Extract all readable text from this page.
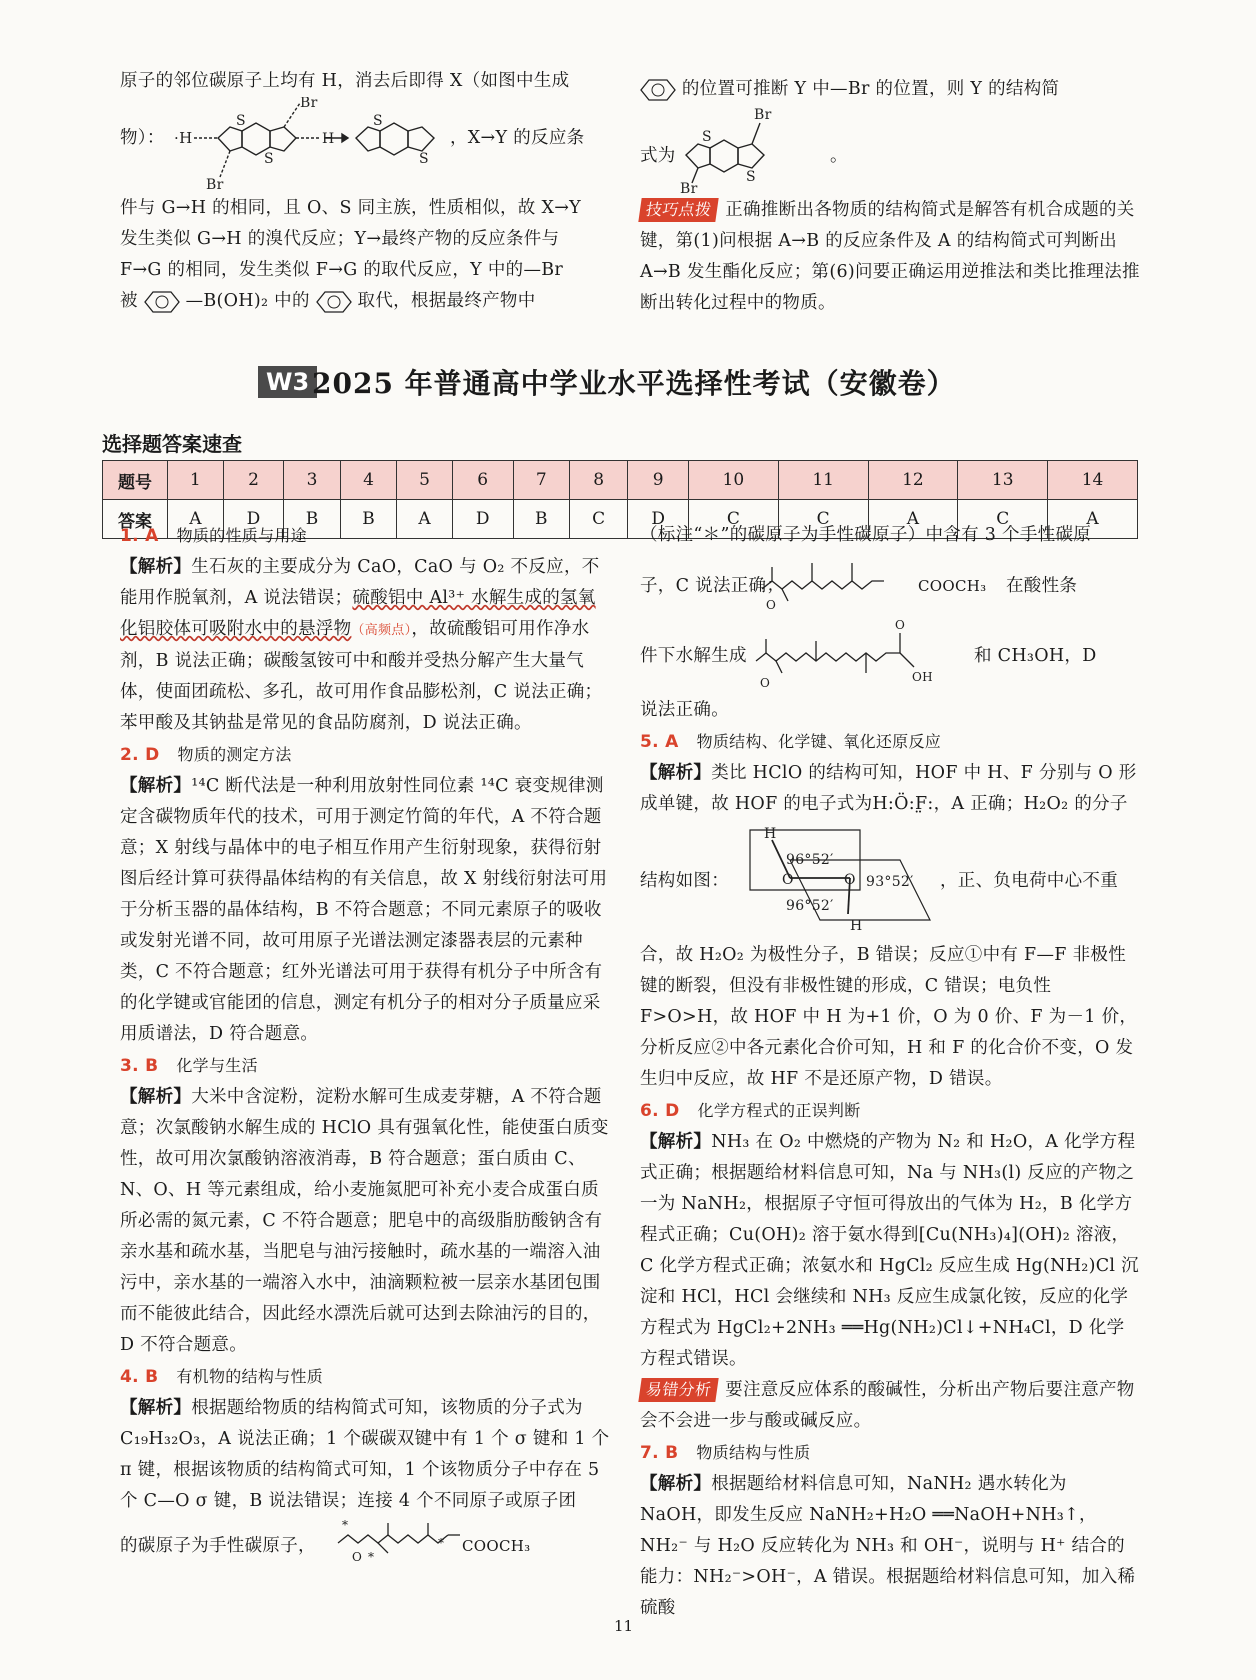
原子的邻位碳原子上均有 H，消去后即得 X（如图中生成

物）： ·H
S
S
Br
H
Br
S
S
，X→Y 的反应条

件与 G→H 的相同，且 O、S 同主族，性质相似，故 X→Y

发生类似 G→H 的溴代反应；Y→最终产物的反应条件与

F→G 的相同，发生类似 F→G 的取代反应，Y 中的—Br

被	—B(OH)₂ 中的	取代，根据最终产物中

的位置可推断 Y 中—Br 的位置，则 Y 的结构简

式为
S
S
Br
Br
。

技巧点拨 正确推断出各物质的结构简式是解答有机合成题的关键，第(1)问根据 A→B 的反应条件及 A 的结构简式可判断出 A→B 发生酯化反应；第(6)问要正确运用逆推法和类比推理法推断出转化过程中的物质。

W3 2025 年普通高中学业水平选择性考试（安徽卷）
选择题答案速查
题号	1	2	3	4	5	6	7	8	9	10	11	12	13	14
答案	A	D	B	B	A	D	B	C	D	C	C	A	C	A

1. A 物质的性质与用途

【解析】生石灰的主要成分为 CaO，CaO 与 O₂ 不反应，不能用作脱氧剂，A 说法错误；硫酸铝中 Al³⁺ 水解生成的氢氧化铝胶体可吸附水中的悬浮物（高频点），故硫酸铝可用作净水剂，B 说法正确；碳酸氢铵可中和酸并受热分解产生大量气体，使面团疏松、多孔，故可用作食品膨松剂，C 说法正确；苯甲酸及其钠盐是常见的食品防腐剂，D 说法正确。

2. D 物质的测定方法

【解析】¹⁴C 断代法是一种利用放射性同位素 ¹⁴C 衰变规律测定含碳物质年代的技术，可用于测定竹简的年代，A 不符合题意；X 射线与晶体中的电子相互作用产生衍射现象，获得衍射图后经计算可获得晶体结构的有关信息，故 X 射线衍射法可用于分析玉器的晶体结构，B 不符合题意；不同元素原子的吸收或发射光谱不同，故可用原子光谱法测定漆器表层的元素种类，C 不符合题意；红外光谱法可用于获得有机分子中所含有的化学键或官能团的信息，测定有机分子的相对分子质量应采用质谱法，D 符合题意。

3. B 化学与生活

【解析】大米中含淀粉，淀粉水解可生成麦芽糖，A 不符合题意；次氯酸钠水解生成的 HClO 具有强氧化性，能使蛋白质变性，故可用次氯酸钠溶液消毒，B 符合题意；蛋白质由 C、N、O、H 等元素组成，给小麦施氮肥可补充小麦合成蛋白质所必需的氮元素，C 不符合题意；肥皂中的高级脂肪酸钠含有亲水基和疏水基，当肥皂与油污接触时，疏水基的一端溶入油污中，亲水基的一端溶入水中，油滴颗粒被一层亲水基团包围而不能彼此结合，因此经水漂洗后就可达到去除油污的目的，D 不符合题意。

4. B 有机物的结构与性质

【解析】根据题给物质的结构简式可知，该物质的分子式为 C₁₉H₃₂O₃，A 说法正确；1 个碳碳双键中有 1 个 σ 键和 1 个 π 键，根据该物质的结构简式可知，1 个该物质分子中存在 5 个 C—O σ 键，B 说法错误；连接 4 个不同原子或原子团

的碳原子为手性碳原子，
*
O *
* COOCH₃

（标注“＊”的碳原子为手性碳原子）中含有 3 个手性碳原

子，C 说法正确；
O
COOCH₃ 在酸性条
件下水解生成
O
OH
O
和 CH₃OH，D

说法正确。

5. A 物质结构、化学键、氧化还原反应

【解析】类比 HClO 的结构可知，HOF 中 H、F 分别与 O 形成单键，故 HOF 的电子式为H:Ö:F̤:，A 正确；H₂O₂ 的分子

结构如图：
H
O	O
H
96°52′
93°52′
96°52′
，正、负电荷中心不重

合，故 H₂O₂ 为极性分子，B 错误；反应①中有 F—F 非极性键的断裂，但没有非极性键的形成，C 错误；电负性 F>O>H，故 HOF 中 H 为+1 价，O 为 0 价、F 为－1 价，分析反应②中各元素化合价可知，H 和 F 的化合价不变，O 发生归中反应，故 HF 不是还原产物，D 错误。

6. D 化学方程式的正误判断

【解析】NH₃ 在 O₂ 中燃烧的产物为 N₂ 和 H₂O，A 化学方程式正确；根据题给材料信息可知，Na 与 NH₃(l) 反应的产物之一为 NaNH₂，根据原子守恒可得放出的气体为 H₂，B 化学方程式正确；Cu(OH)₂ 溶于氨水得到[Cu(NH₃)₄](OH)₂ 溶液，C 化学方程式正确；浓氨水和 HgCl₂ 反应生成 Hg(NH₂)Cl 沉淀和 HCl，HCl 会继续和 NH₃ 反应生成氯化铵，反应的化学方程式为 HgCl₂+2NH₃ ══Hg(NH₂)Cl↓+NH₄Cl，D 化学方程式错误。

易错分析 要注意反应体系的酸碱性，分析出产物后要注意产物会不会进一步与酸或碱反应。

7. B 物质结构与性质

【解析】根据题给材料信息可知，NaNH₂ 遇水转化为 NaOH，即发生反应 NaNH₂+H₂O ══NaOH+NH₃↑，NH₂⁻ 与 H₂O 反应转化为 NH₃ 和 OH⁻，说明与 H⁺ 结合的能力：NH₂⁻>OH⁻，A 错误。根据题给材料信息可知，加入稀硫酸

11
